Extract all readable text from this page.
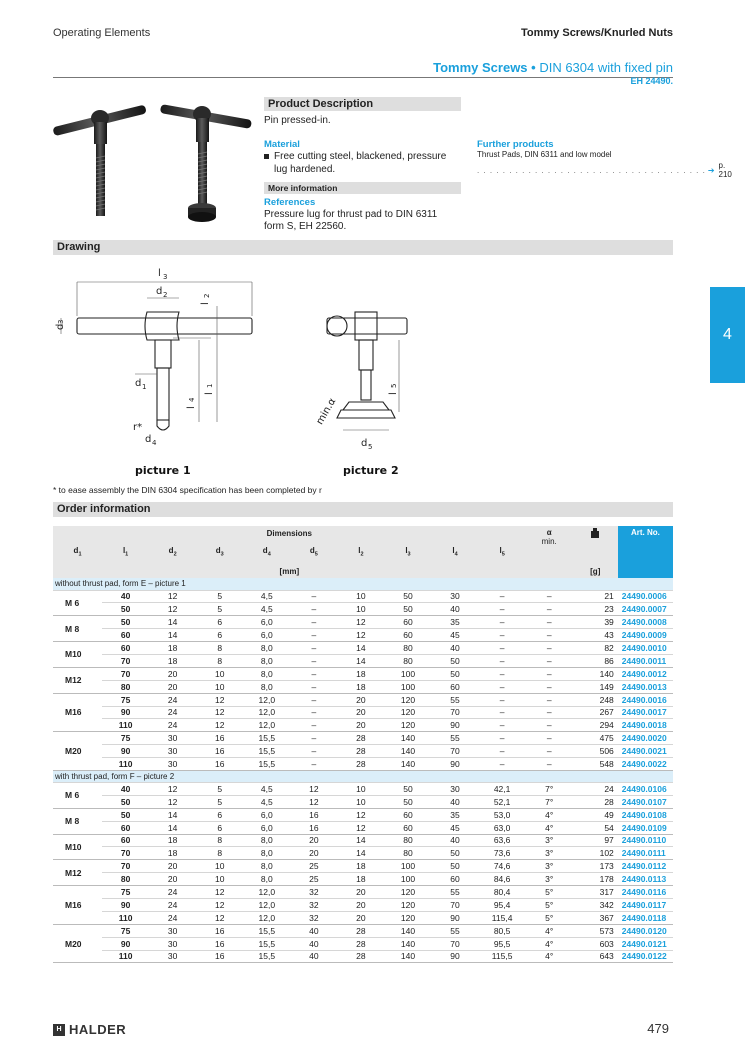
Operating Elements	Tommy Screws/Knurled Nuts
Tommy Screws • DIN 6304 with fixed pin
EH 24490.
Product Description
Pin pressed-in.
Material
Free cutting steel, blackened, pressure
lug hardened.
Further products
Thrust Pads, DIN 6311 and low model
. . . . . . . . . . . . . . . . . . . . . . . . . . . . . . . . . . . . ➔ p. 210
More information
References
Pressure lug for thrust pad to DIN 6311
form S, EH 22560.
Drawing
l 3
d 2
l
2
d
3
d 1
l
1
l
4
r*
d 4
l
5
min.α
d 5
picture 1	picture 2
* to ease assembly the DIN 6304 specification has been completed by r
Order information
4
Dimensions										α
min.		Art. No.
$d_1$	$l_1$	$d_2$	$d_3$	$d_4$	$d_5$	$l_2$	$l_3$	$l_4$	$l_5$	
[mm]											[g]	
without thrust pad, form E – picture 1												
M 6	40	12	5	4,5	–	10	50	30	–	–	21	24490.0006
	50	12	5	4,5	–	10	50	40	–	–	23	24490.0007
M 8	50	14	6	6,0	–	12	60	35	–	–	39	24490.0008
	60	14	6	6,0	–	12	60	45	–	–	43	24490.0009
M10	60	18	8	8,0	–	14	80	40	–	–	82	24490.0010
	70	18	8	8,0	–	14	80	50	–	–	86	24490.0011
M12	70	20	10	8,0	–	18	100	50	–	–	140	24490.0012
	80	20	10	8,0	–	18	100	60	–	–	149	24490.0013
M16	75	24	12	12,0	–	20	120	55	–	–	248	24490.0016
	90	24	12	12,0	–	20	120	70	–	–	267	24490.0017
	110	24	12	12,0	–	20	120	90	–	–	294	24490.0018
M20	75	30	16	15,5	–	28	140	55	–	–	475	24490.0020
	90	30	16	15,5	–	28	140	70	–	–	506	24490.0021
	110	30	16	15,5	–	28	140	90	–	–	548	24490.0022
with thrust pad, form F – picture 2												
M 6	40	12	5	4,5	12	10	50	30	42,1	7°	24	24490.0106
	50	12	5	4,5	12	10	50	40	52,1	7°	28	24490.0107
M 8	50	14	6	6,0	16	12	60	35	53,0	4°	49	24490.0108
	60	14	6	6,0	16	12	60	45	63,0	4°	54	24490.0109
M10	60	18	8	8,0	20	14	80	40	63,6	3°	97	24490.0110
	70	18	8	8,0	20	14	80	50	73,6	3°	102	24490.0111
M12	70	20	10	8,0	25	18	100	50	74,6	3°	173	24490.0112
	80	20	10	8,0	25	18	100	60	84,6	3°	178	24490.0113
M16	75	24	12	12,0	32	20	120	55	80,4	5°	317	24490.0116
	90	24	12	12,0	32	20	120	70	95,4	5°	342	24490.0117
	110	24	12	12,0	32	20	120	90	115,4	5°	367	24490.0118
M20	75	30	16	15,5	40	28	140	55	80,5	4°	573	24490.0120
	90	30	16	15,5	40	28	140	70	95,5	4°	603	24490.0121
	110	30	16	15,5	40	28	140	90	115,5	4°	643	24490.0122
H HALDER	479
